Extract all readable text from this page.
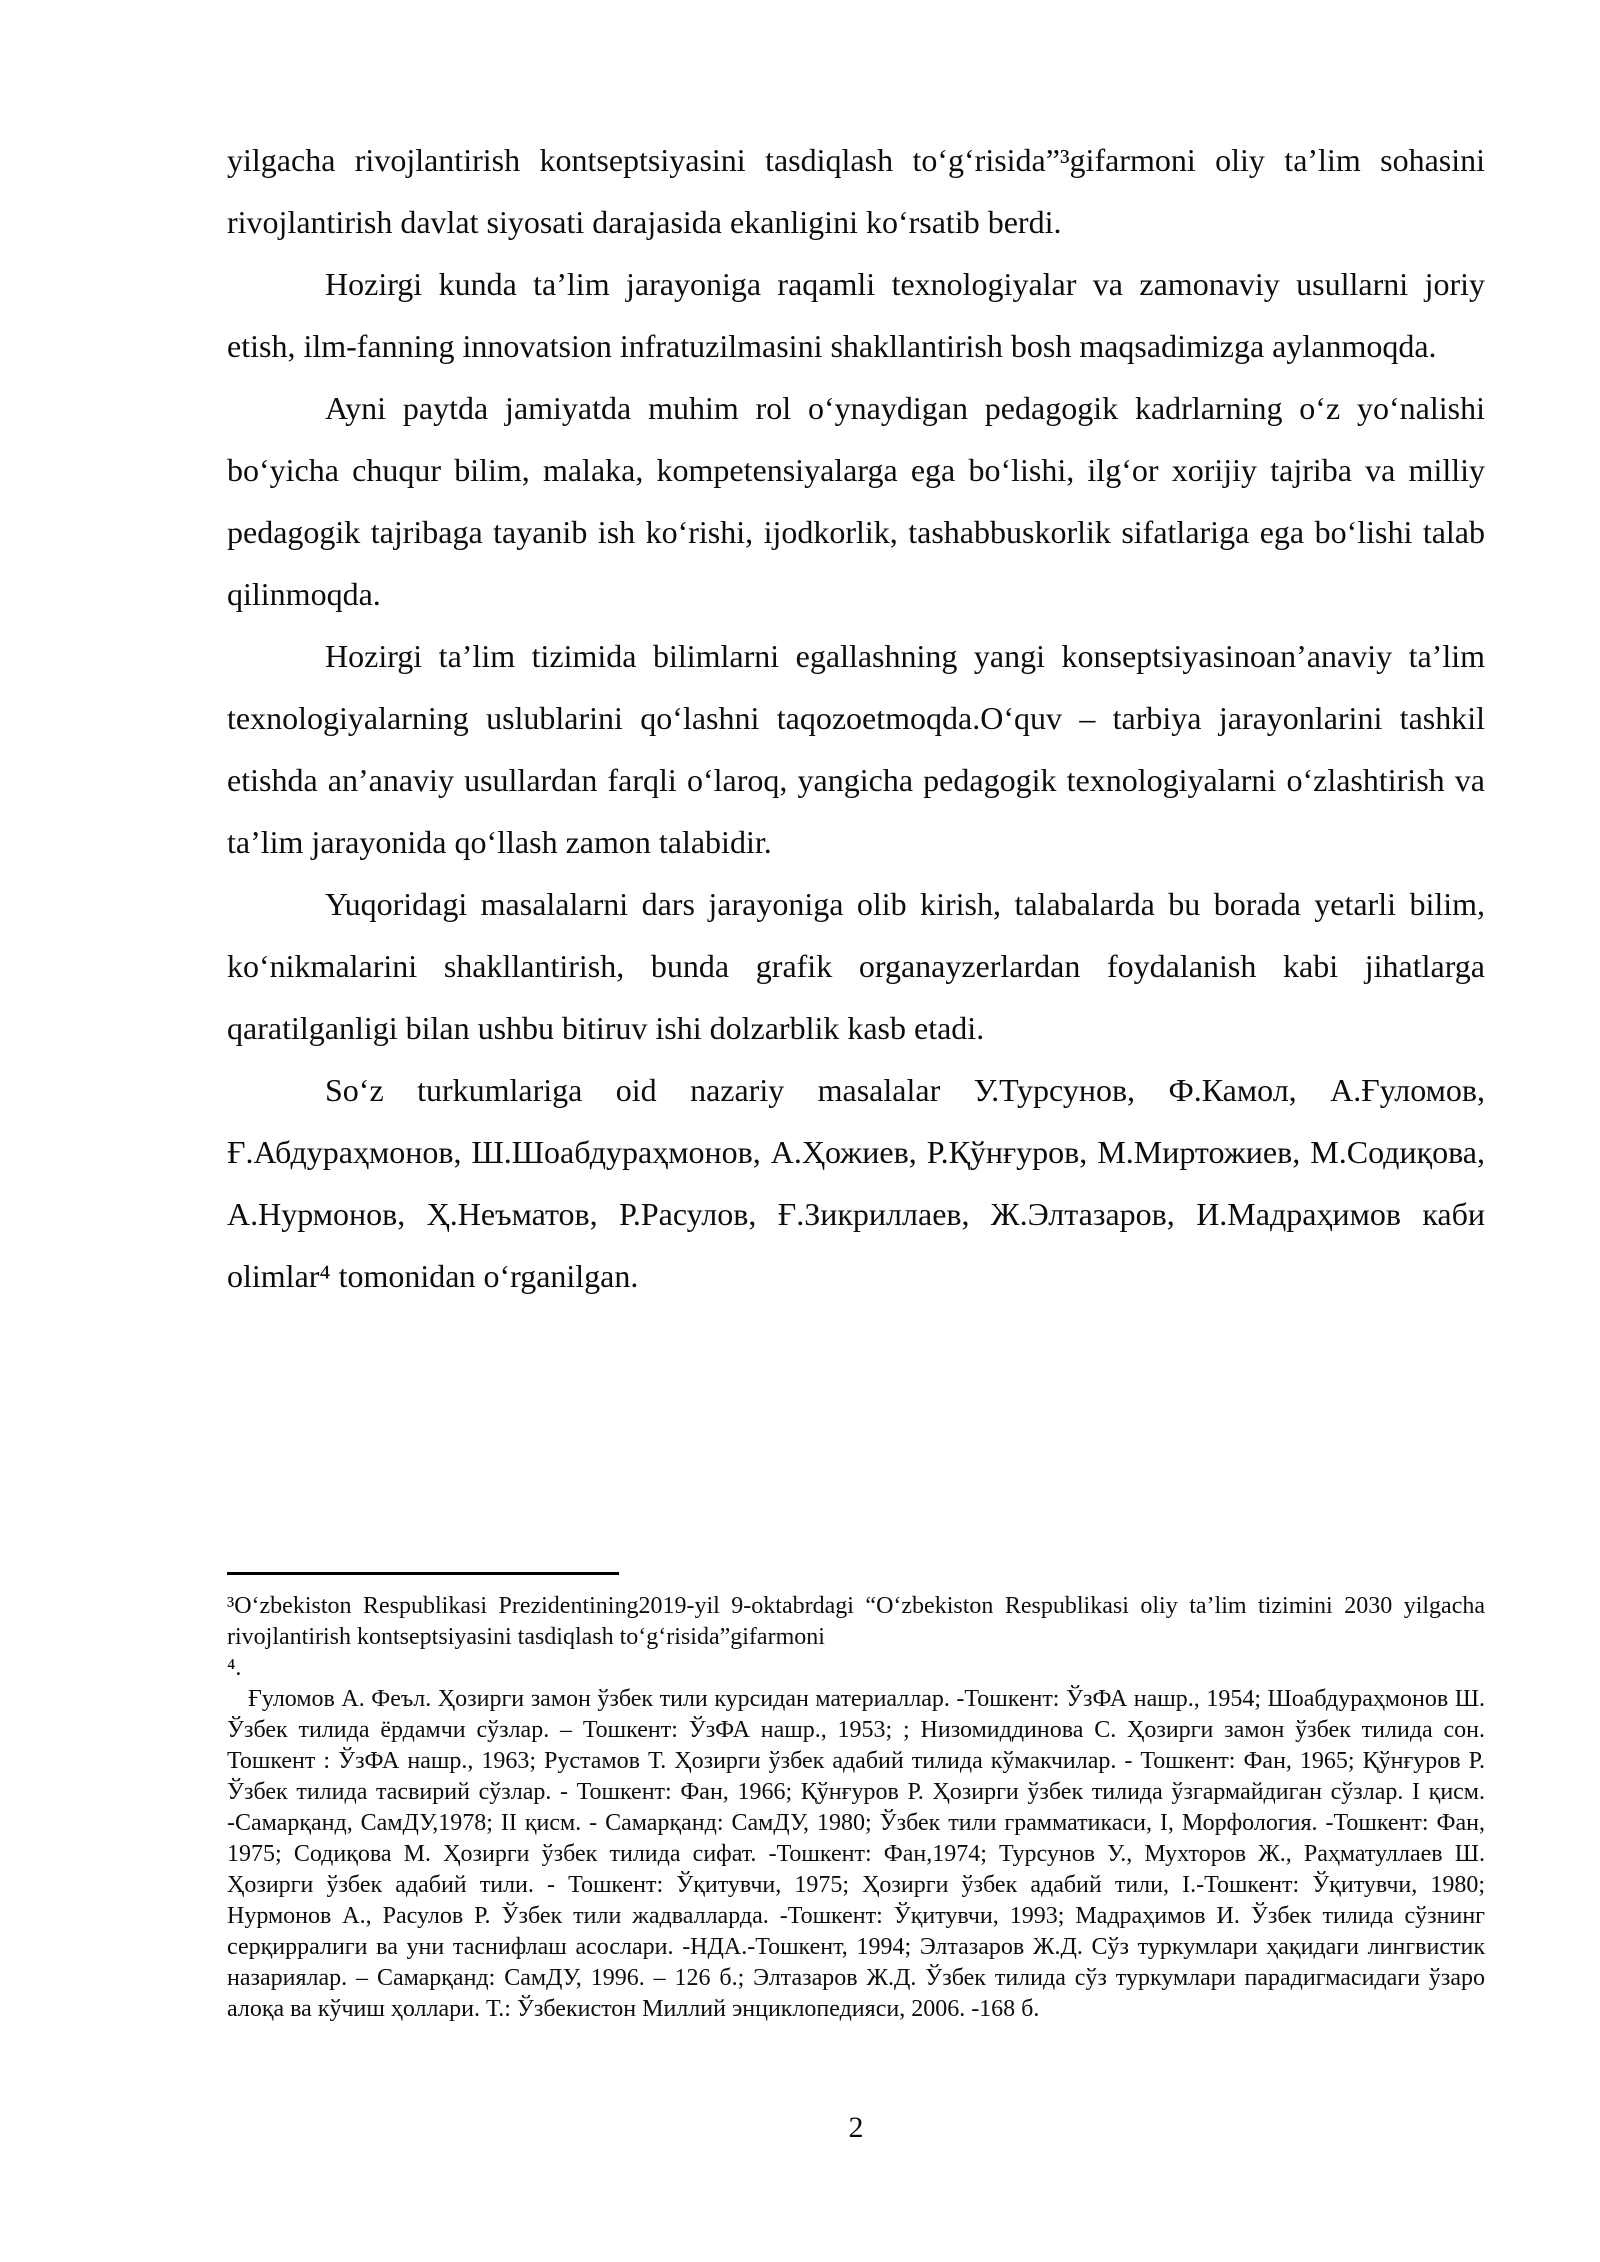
yilgacha rivojlantirish kontseptsiyasini tasdiqlash to‘g‘risida”³gifarmoni oliy ta’lim sohasini rivojlantirish davlat siyosati darajasida ekanligini ko‘rsatib berdi.

Hozirgi kunda ta’lim jarayoniga raqamli texnologiyalar va zamonaviy usullarni joriy etish, ilm-fanning innovatsion infratuzilmasini shakllantirish bosh maqsadimizga aylanmoqda.

Ayni paytda jamiyatda muhim rol o‘ynaydigan pedagogik kadrlarning o‘z yo‘nalishi bo‘yicha chuqur bilim, malaka, kompetensiyalarga ega bo‘lishi, ilg‘or xorijiy tajriba va milliy pedagogik tajribaga tayanib ish ko‘rishi, ijodkorlik, tashabbuskorlik sifatlariga ega bo‘lishi talab qilinmoqda.

Hozirgi ta’lim tizimida bilimlarni egallashning yangi konseptsiyasinoan’anaviy ta’lim texnologiyalarning uslublarini qo‘lashni taqozoetmoqda.O‘quv – tarbiya jarayonlarini tashkil etishda an’anaviy usullardan farqli o‘laroq, yangicha pedagogik texnologiyalarni o‘zlashtirish va ta’lim jarayonida qo‘llash zamon talabidir.

Yuqoridagi masalalarni dars jarayoniga olib kirish, talabalarda bu borada yetarli bilim, ko‘nikmalarini shakllantirish, bunda grafik organayzerlardan foydalanish kabi jihatlarga qaratilganligi bilan ushbu bitiruv ishi dolzarblik kasb etadi.

So‘z turkumlariga oid nazariy masalalar У.Турсунов, Ф.Камол, А.Ғуломов, Ғ.Абдураҳмонов, Ш.Шоабдураҳмонов, А.Ҳожиев, Р.Қўнғуров, М.Миртожиев, М.Содиқова, А.Нурмонов, Ҳ.Неъматов, Р.Расулов, Ғ.Зикриллаев, Ж.Элтазаров, И.Мадраҳимов каби olimlar⁴ tomonidan o‘rganilgan.

³O‘zbekiston Respublikasi Prezidentining2019-yil 9-oktabrdagi “O‘zbekiston Respublikasi oliy ta’lim tizimini 2030 yilgacha rivojlantirish kontseptsiyasini tasdiqlash to‘g‘risida”gifarmoni

⁴.

Ғуломов А. Феъл. Ҳозирги замон ўзбек тили курсидан материаллар. -Тошкент: ЎзФА нашр., 1954; Шоабдураҳмонов Ш. Ўзбек тилида ёрдамчи сўзлар. – Тошкент: ЎзФА нашр., 1953; ; Низомиддинова С. Ҳозирги замон ўзбек тилида сон. Тошкент : ЎзФА нашр., 1963; Рустамов Т. Ҳозирги ўзбек адабий тилида кўмакчилар. - Тошкент: Фан, 1965; Қўнғуров Р. Ўзбек тилида тасвирий сўзлар. - Тошкент: Фан, 1966; Қўнғуров Р. Ҳозирги ўзбек тилида ўзгармайдиган сўзлар. I қисм. -Самарқанд, СамДУ,1978; II қисм. - Самарқанд: СамДУ, 1980; Ўзбек тили грамматикаси, I, Морфология. -Тошкент: Фан, 1975; Содиқова М. Ҳозирги ўзбек тилида сифат. -Тошкент: Фан,1974; Турсунов У., Мухторов Ж., Раҳматуллаев Ш. Ҳозирги ўзбек адабий тили. - Тошкент: Ўқитувчи, 1975; Ҳозирги ўзбек адабий тили, I.-Тошкент: Ўқитувчи, 1980; Нурмонов А., Расулов Р. Ўзбек тили жадвалларда. -Тошкент: Ўқитувчи, 1993; Мадраҳимов И. Ўзбек тилида сўзнинг серқирралиги ва уни таснифлаш асослари. -НДА.-Тошкент, 1994; Элтазаров Ж.Д. Сўз туркумлари ҳақидаги лингвистик назариялар. – Самарқанд: СамДУ, 1996. – 126 б.; Элтазаров Ж.Д. Ўзбек тилида сўз туркумлари парадигмасидаги ўзаро алоқа ва кўчиш ҳоллари. Т.: Ўзбекистон Миллий энциклопедияси, 2006. -168 б.

2
